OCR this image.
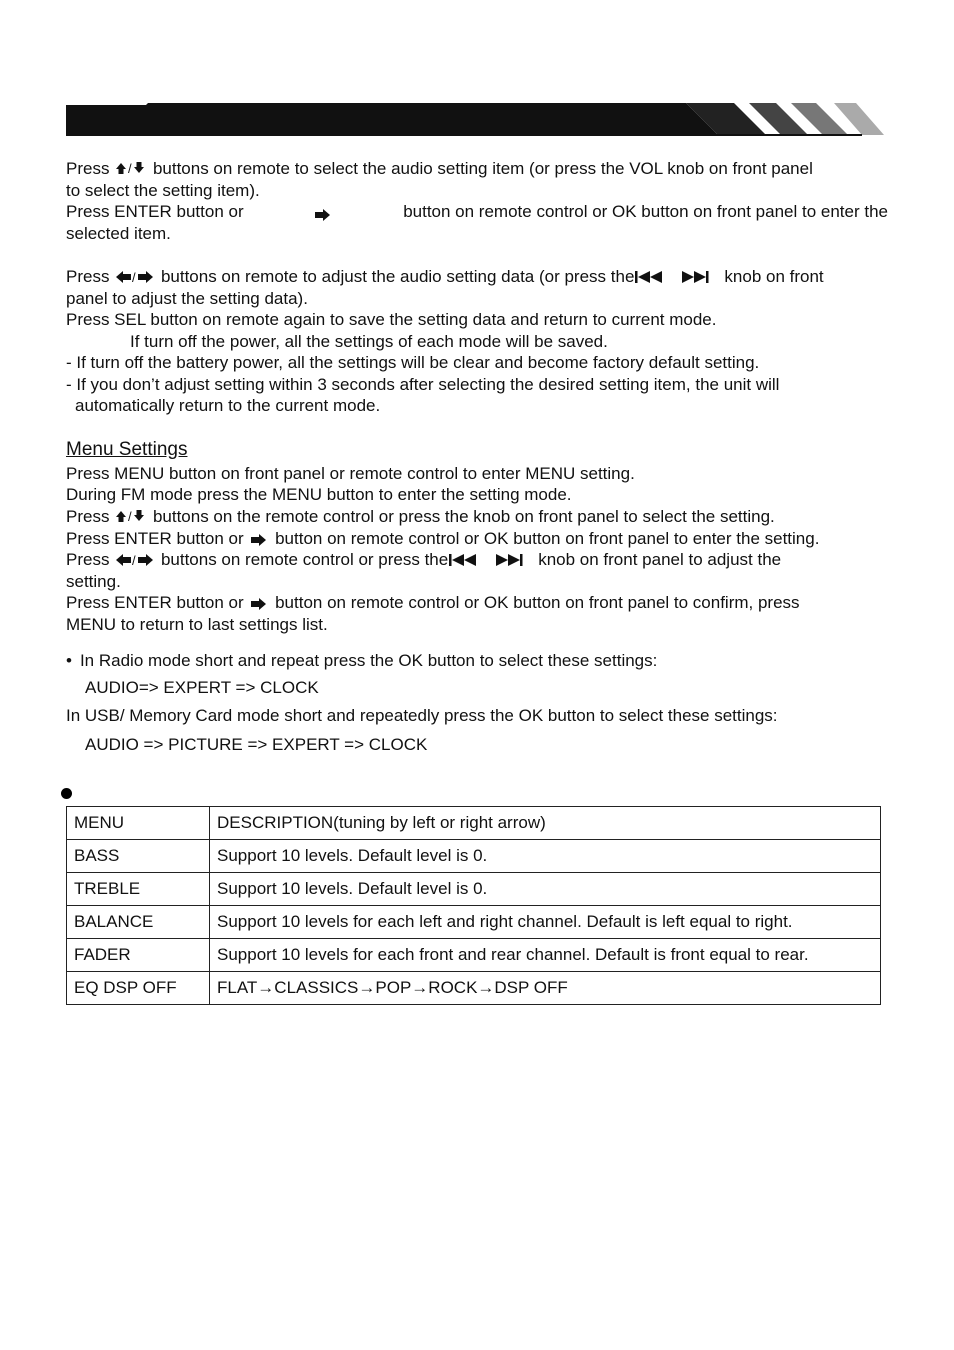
Press / buttons on remote to select the audio setting item (or press the VOL knob on front panel
to select the setting item).
Press ENTER button or	button on remote control or OK button on front panel to enter the
selected item.
Press / buttons on remote to adjust the audio setting data (or press the	knob on front
panel to adjust the setting data).
Press SEL button on remote again to save the setting data and return to current mode.
If turn off the power, all the settings of each mode will be saved.
- If turn off the battery power, all the settings will be clear and become factory default setting.
- If you don’t adjust setting within 3 seconds after selecting the desired setting item, the unit will
automatically return to the current mode.
Menu Settings
Press MENU button on front panel or remote control to enter MENU setting.
During FM mode press the MENU button to enter the setting mode.
Press / buttons on the remote control or press the knob on front panel to select the setting.
Press ENTER button or button on remote control or OK button on front panel to enter the setting.
Press / buttons on remote control or press the	knob on front panel to adjust the
setting.
Press ENTER button or button on remote control or OK button on front panel to confirm, press
MENU to return to last settings list.
• In Radio mode short and repeat press the OK button to select these settings:
AUDIO=> EXPERT => CLOCK
In USB/ Memory Card mode short and repeatedly press the OK button to select these settings:
AUDIO => PICTURE => EXPERT => CLOCK
MENU	DESCRIPTION(tuning by left or right arrow)
BASS	Support 10 levels. Default level is 0.
TREBLE	Support 10 levels. Default level is 0.
BALANCE	Support 10 levels for each left and right channel. Default is left equal to right.
FADER	Support 10 levels for each front and rear channel. Default is front equal to rear.
EQ DSP OFF	FLAT→CLASSICS→POP→ROCK→DSP OFF
